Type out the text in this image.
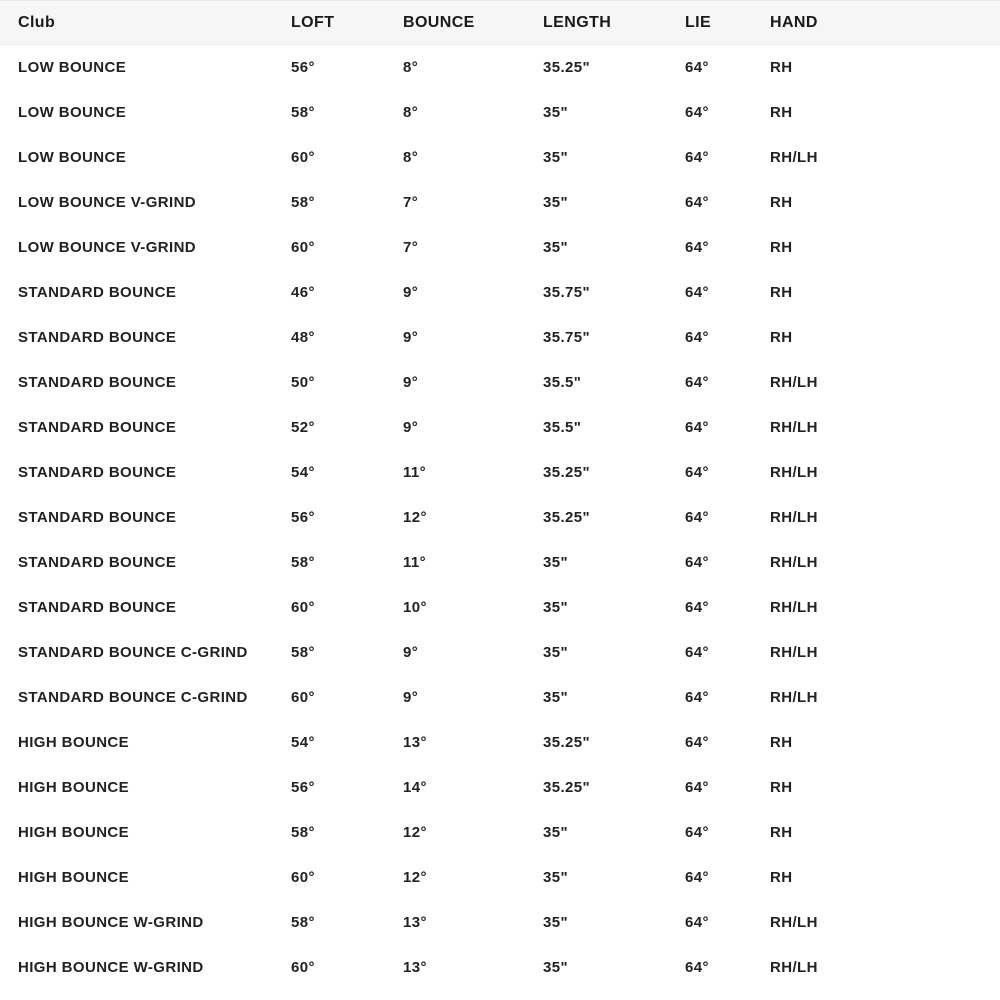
Club	LOFT	BOUNCE	LENGTH	LIE	HAND
LOW BOUNCE	56°	8°	35.25"	64°	RH
LOW BOUNCE	58°	8°	35"	64°	RH
LOW BOUNCE	60°	8°	35"	64°	RH/LH
LOW BOUNCE V-GRIND	58°	7°	35"	64°	RH
LOW BOUNCE V-GRIND	60°	7°	35"	64°	RH
STANDARD BOUNCE	46°	9°	35.75"	64°	RH
STANDARD BOUNCE	48°	9°	35.75"	64°	RH
STANDARD BOUNCE	50°	9°	35.5"	64°	RH/LH
STANDARD BOUNCE	52°	9°	35.5"	64°	RH/LH
STANDARD BOUNCE	54°	11°	35.25"	64°	RH/LH
STANDARD BOUNCE	56°	12°	35.25"	64°	RH/LH
STANDARD BOUNCE	58°	11°	35"	64°	RH/LH
STANDARD BOUNCE	60°	10°	35"	64°	RH/LH
STANDARD BOUNCE C-GRIND	58°	9°	35"	64°	RH/LH
STANDARD BOUNCE C-GRIND	60°	9°	35"	64°	RH/LH
HIGH BOUNCE	54°	13°	35.25"	64°	RH
HIGH BOUNCE	56°	14°	35.25"	64°	RH
HIGH BOUNCE	58°	12°	35"	64°	RH
HIGH BOUNCE	60°	12°	35"	64°	RH
HIGH BOUNCE W-GRIND	58°	13°	35"	64°	RH/LH
HIGH BOUNCE W-GRIND	60°	13°	35"	64°	RH/LH
